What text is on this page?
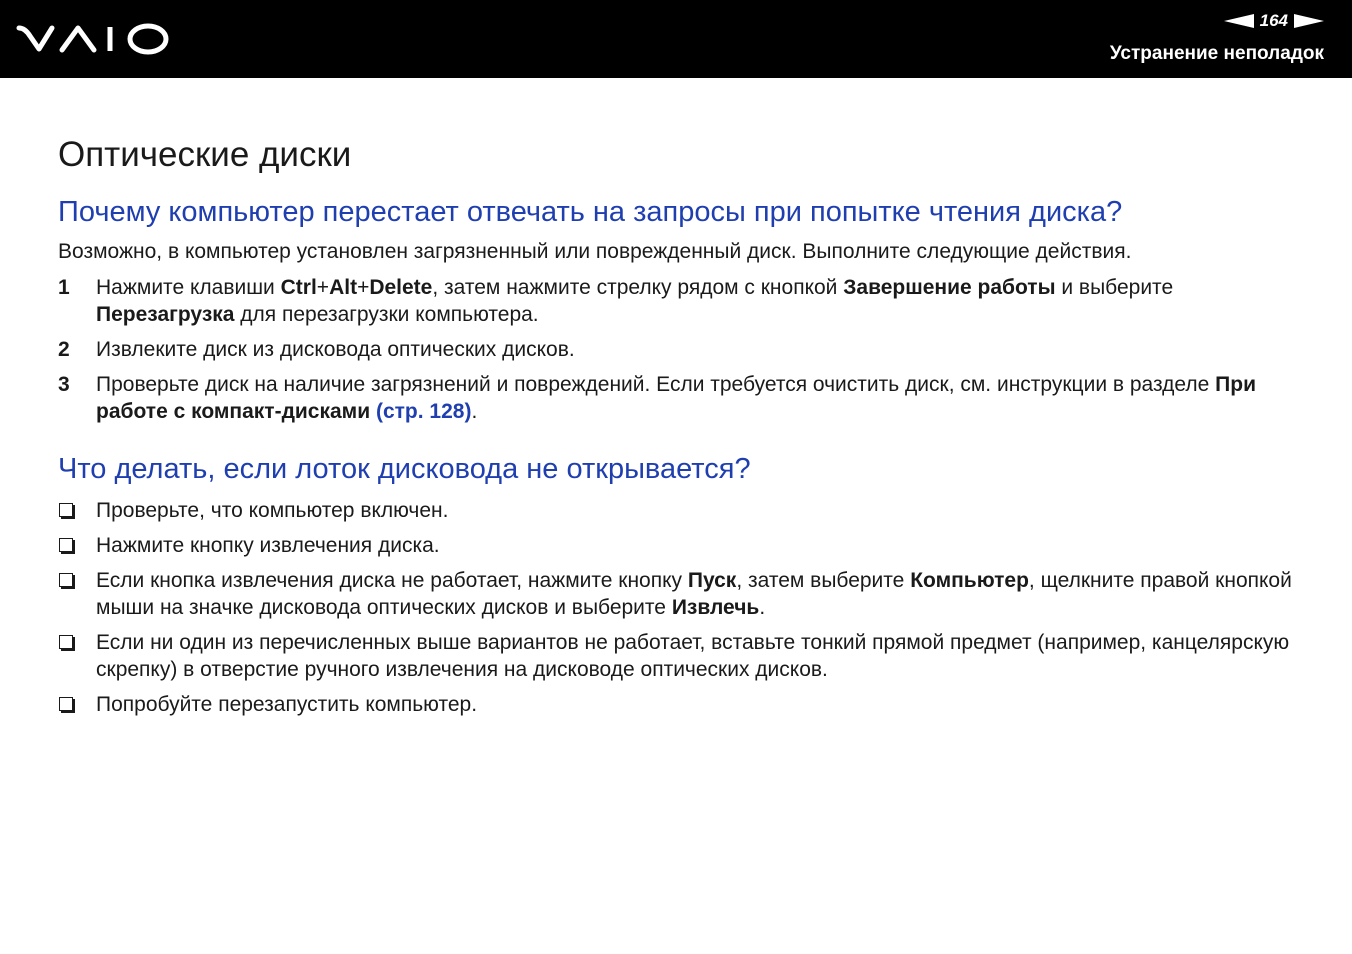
164
Устранение неполадок
Оптические диски
Почему компьютер перестает отвечать на запросы при попытке чтения диска?

Возможно, в компьютер установлен загрязненный или поврежденный диск. Выполните следующие действия.

1 Нажмите клавиши Ctrl+Alt+Delete, затем нажмите стрелку рядом с кнопкой Завершение работы и выберите Перезагрузка для перезагрузки компьютера.
2 Извлеките диск из дисковода оптических дисков.
3 Проверьте диск на наличие загрязнений и повреждений. Если требуется очистить диск, см. инструкции в разделе При работе с компакт-дисками (стр. 128).
Что делать, если лоток дисковода не открывается?
Проверьте, что компьютер включен.
Нажмите кнопку извлечения диска.
Если кнопка извлечения диска не работает, нажмите кнопку Пуск, затем выберите Компьютер, щелкните правой кнопкой мыши на значке дисковода оптических дисков и выберите Извлечь.
Если ни один из перечисленных выше вариантов не работает, вставьте тонкий прямой предмет (например, канцелярскую скрепку) в отверстие ручного извлечения на дисководе оптических дисков.
Попробуйте перезапустить компьютер.
